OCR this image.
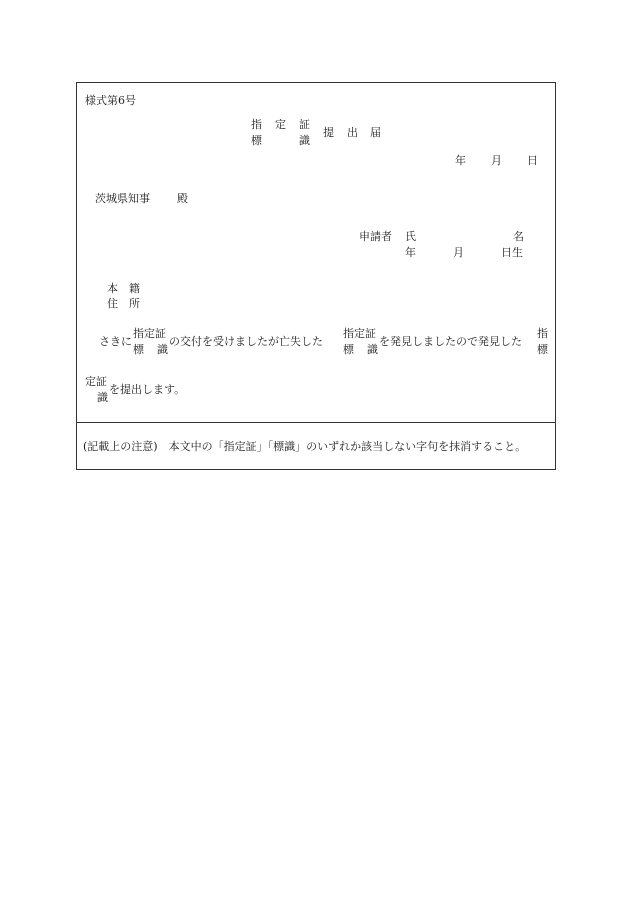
様式第6号
指 定 証
標	識
提 出 届
年 月 日
茨城県知事 殿
申請者 氏	名
年	月	日生
本 籍
住 所
さきに
指定証
標 識
の交付を受けましたが亡失した
指定証
標 識
を発見しましたので発見した
指
標
定証
識
を提出します。
(記載上の注意)　本文中の「指定証」「標識」のいずれか該当しない字句を抹消すること。
